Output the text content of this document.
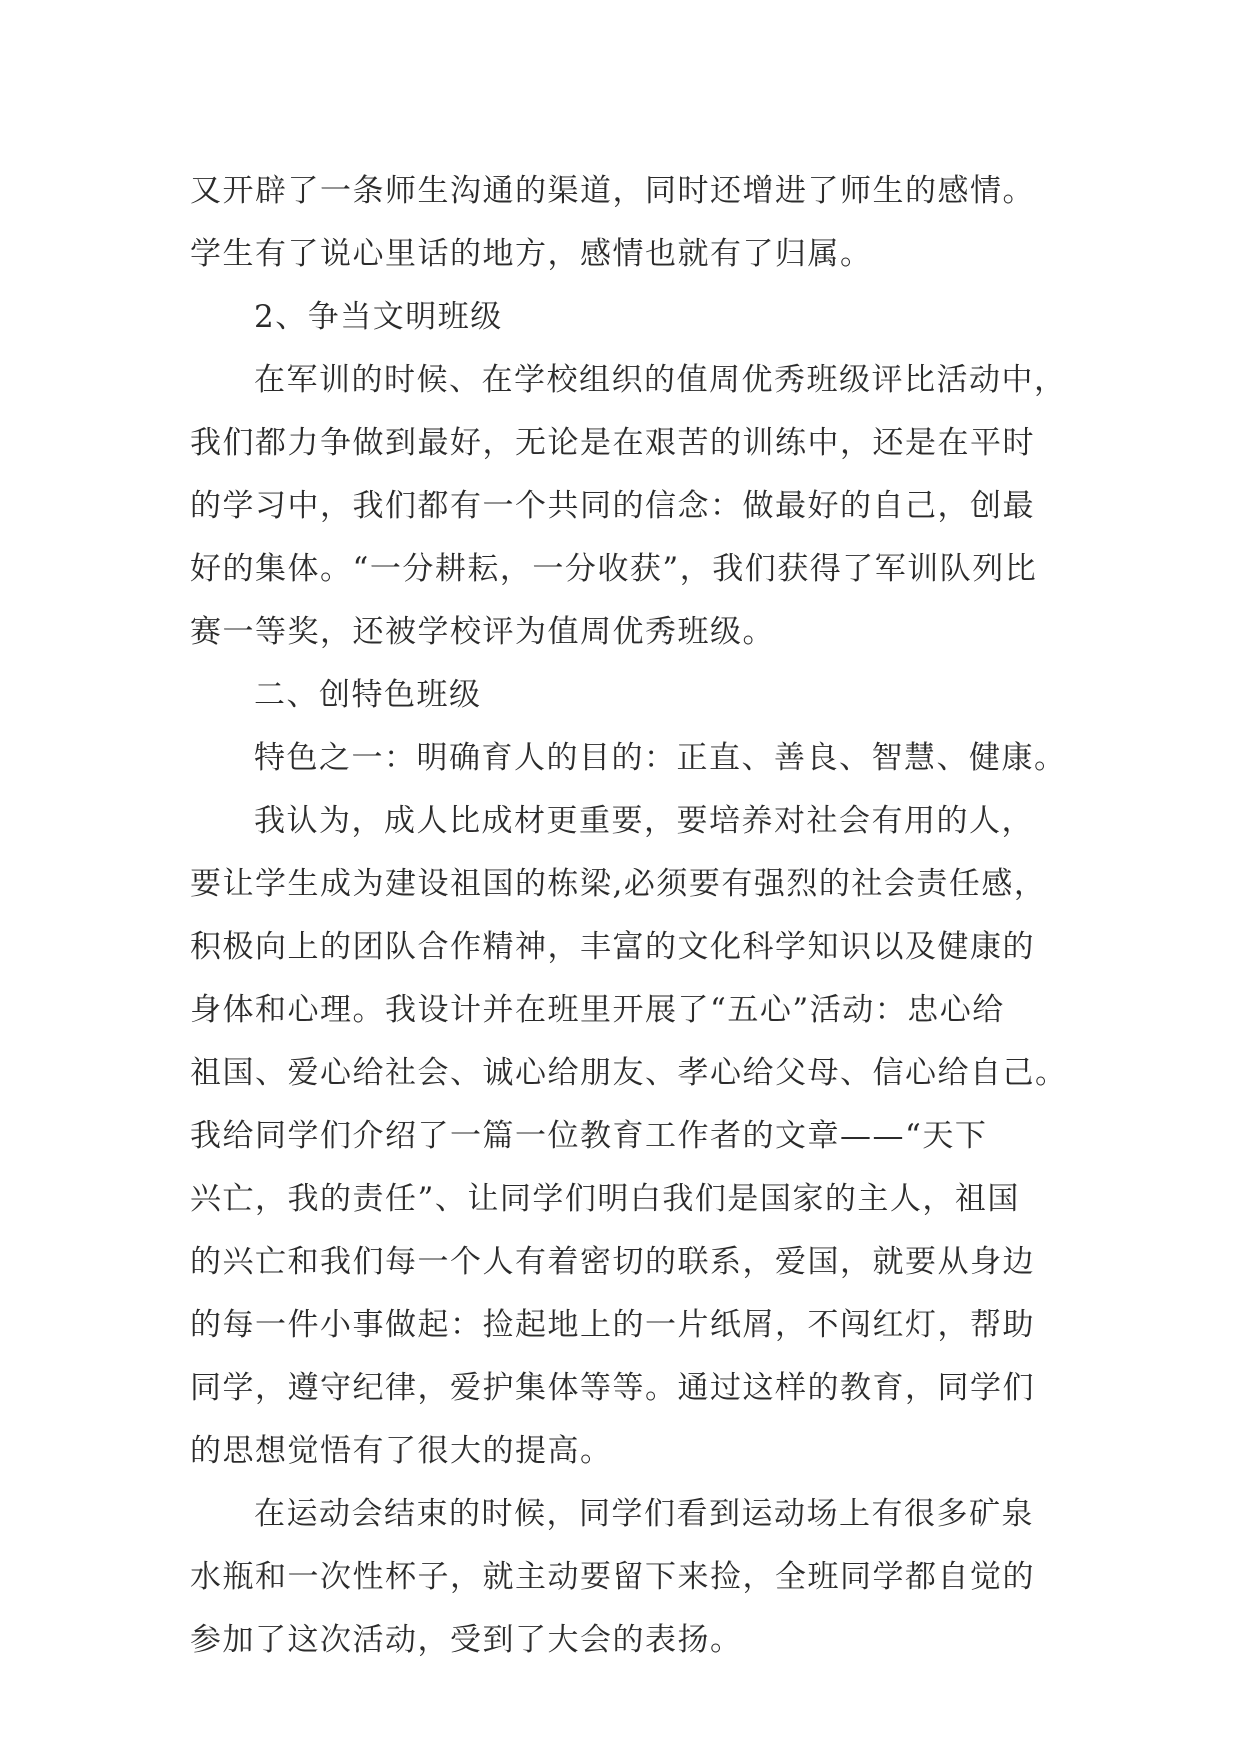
又开辟了一条师生沟通的渠道，同时还增进了师生的感情。
学生有了说心里话的地方，感情也就有了归属。
2、争当文明班级
在军训的时候、在学校组织的值周优秀班级评比活动中，
我们都力争做到最好，无论是在艰苦的训练中，还是在平时
的学习中，我们都有一个共同的信念：做最好的自己，创最
好的集体。“一分耕耘，一分收获”，我们获得了军训队列比
赛一等奖，还被学校评为值周优秀班级。
二、创特色班级
特色之一：明确育人的目的：正直、善良、智慧、健康。
我认为，成人比成材更重要，要培养对社会有用的人，
要让学生成为建设祖国的栋梁,必须要有强烈的社会责任感，
积极向上的团队合作精神，丰富的文化科学知识以及健康的
身体和心理。我设计并在班里开展了“五心”活动：忠心给
祖国、爱心给社会、诚心给朋友、孝心给父母、信心给自己。
我给同学们介绍了一篇一位教育工作者的文章——“天下
兴亡，我的责任”、让同学们明白我们是国家的主人，祖国
的兴亡和我们每一个人有着密切的联系，爱国，就要从身边
的每一件小事做起：捡起地上的一片纸屑，不闯红灯，帮助
同学，遵守纪律，爱护集体等等。通过这样的教育，同学们
的思想觉悟有了很大的提高。
在运动会结束的时候，同学们看到运动场上有很多矿泉
水瓶和一次性杯子，就主动要留下来捡，全班同学都自觉的
参加了这次活动，受到了大会的表扬。
